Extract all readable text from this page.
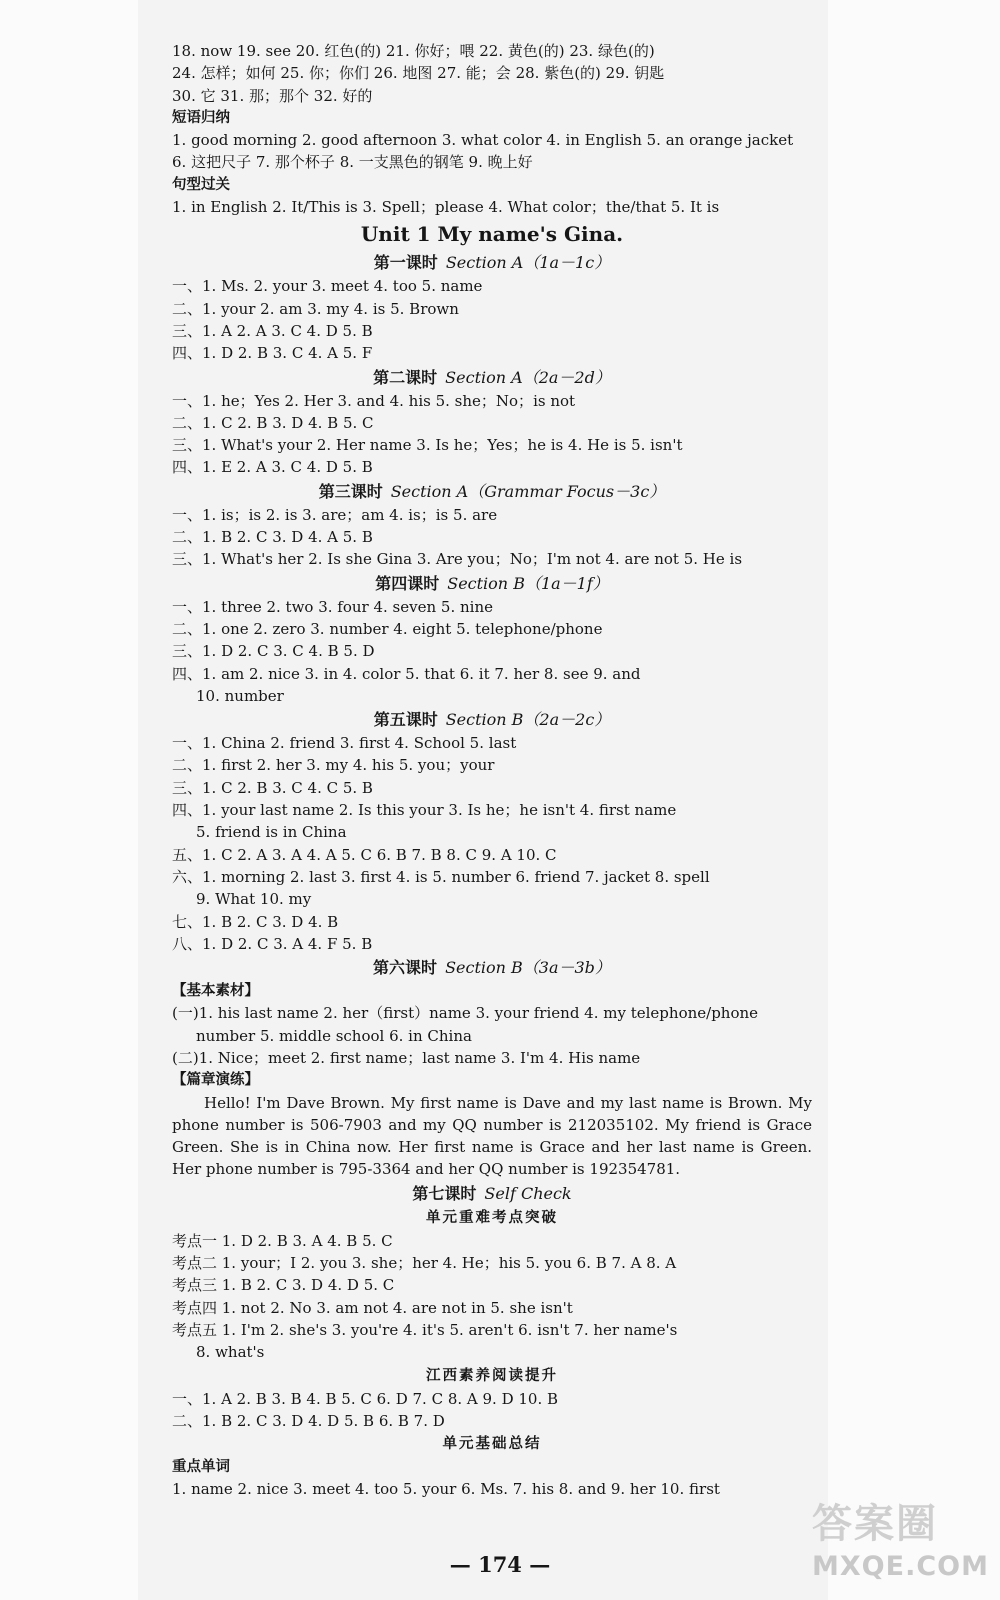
18. now 19. see 20. 红色(的) 21. 你好；喂 22. 黄色(的) 23. 绿色(的)
24. 怎样；如何 25. 你；你们 26. 地图 27. 能；会 28. 紫色(的) 29. 钥匙
30. 它 31. 那；那个 32. 好的
短语归纳
1. good morning 2. good afternoon 3. what color 4. in English 5. an orange jacket
6. 这把尺子 7. 那个杯子 8. 一支黑色的钢笔 9. 晚上好
句型过关
1. in English 2. It/This is 3. Spell；please 4. What color；the/that 5. It is
Unit 1 My name's Gina.
第一课时 Section A（1a－1c）
一、1. Ms. 2. your 3. meet 4. too 5. name
二、1. your 2. am 3. my 4. is 5. Brown
三、1. A 2. A 3. C 4. D 5. B
四、1. D 2. B 3. C 4. A 5. F
第二课时 Section A（2a－2d）
一、1. he；Yes 2. Her 3. and 4. his 5. she；No；is not
二、1. C 2. B 3. D 4. B 5. C
三、1. What's your 2. Her name 3. Is he；Yes；he is 4. He is 5. isn't
四、1. E 2. A 3. C 4. D 5. B
第三课时 Section A（Grammar Focus－3c）
一、1. is；is 2. is 3. are；am 4. is；is 5. are
二、1. B 2. C 3. D 4. A 5. B
三、1. What's her 2. Is she Gina 3. Are you；No；I'm not 4. are not 5. He is
第四课时 Section B（1a－1f）
一、1. three 2. two 3. four 4. seven 5. nine
二、1. one 2. zero 3. number 4. eight 5. telephone/phone
三、1. D 2. C 3. C 4. B 5. D
四、1. am 2. nice 3. in 4. color 5. that 6. it 7. her 8. see 9. and
10. number
第五课时 Section B（2a－2c）
一、1. China 2. friend 3. first 4. School 5. last
二、1. first 2. her 3. my 4. his 5. you；your
三、1. C 2. B 3. C 4. C 5. B
四、1. your last name 2. Is this your 3. Is he；he isn't 4. first name
5. friend is in China
五、1. C 2. A 3. A 4. A 5. C 6. B 7. B 8. C 9. A 10. C
六、1. morning 2. last 3. first 4. is 5. number 6. friend 7. jacket 8. spell
9. What 10. my
七、1. B 2. C 3. D 4. B
八、1. D 2. C 3. A 4. F 5. B
第六课时 Section B（3a－3b）
【基本素材】
(一)1. his last name 2. her（first）name 3. your friend 4. my telephone/phone
number 5. middle school 6. in China
(二)1. Nice；meet 2. first name；last name 3. I'm 4. His name
【篇章演练】
Hello! I'm Dave Brown. My first name is Dave and my last name is Brown. My phone number is 506-7903 and my QQ number is 212035102. My friend is Grace Green. She is in China now. Her first name is Grace and her last name is Green. Her phone number is 795-3364 and her QQ number is 192354781.
第七课时 Self Check
单元重难考点突破
考点一 1. D 2. B 3. A 4. B 5. C
考点二 1. your；I 2. you 3. she；her 4. He；his 5. you 6. B 7. A 8. A
考点三 1. B 2. C 3. D 4. D 5. C
考点四 1. not 2. No 3. am not 4. are not in 5. she isn't
考点五 1. I'm 2. she's 3. you're 4. it's 5. aren't 6. isn't 7. her name's
8. what's
江西素养阅读提升
一、1. A 2. B 3. B 4. B 5. C 6. D 7. C 8. A 9. D 10. B
二、1. B 2. C 3. D 4. D 5. B 6. B 7. D
单元基础总结
重点单词
1. name 2. nice 3. meet 4. too 5. your 6. Ms. 7. his 8. and 9. her 10. first
— 174 —
答案圈
MXQE.COM
